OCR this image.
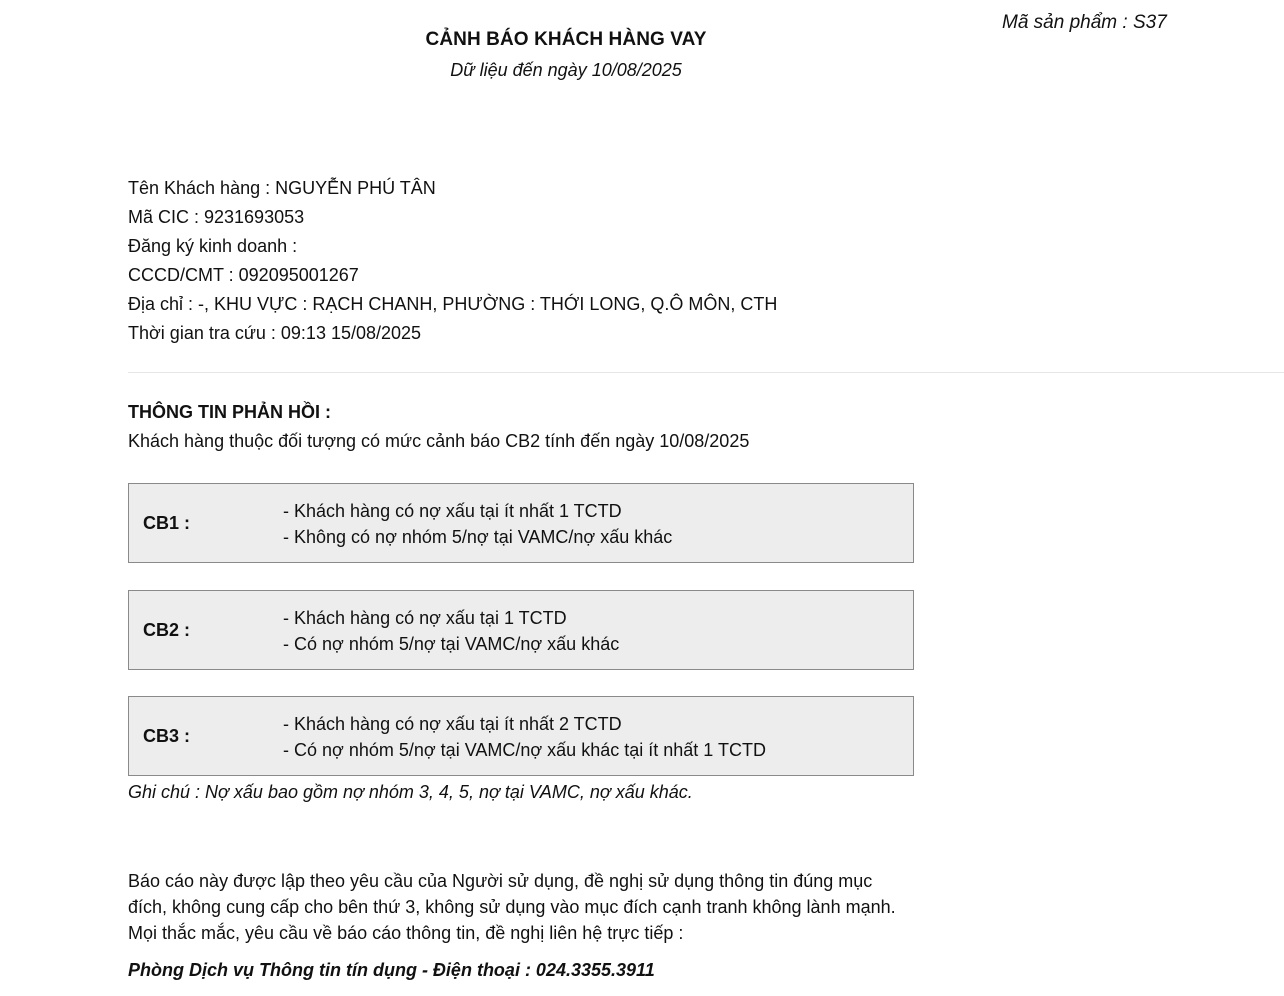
Mã sản phẩm : S37
CẢNH BÁO KHÁCH HÀNG VAY
Dữ liệu đến ngày 10/08/2025
Tên Khách hàng : NGUYỄN PHÚ TÂN
Mã CIC : 9231693053
Đăng ký kinh doanh :
CCCD/CMT : 092095001267
Địa chỉ : -, KHU VỰC : RẠCH CHANH, PHƯỜNG : THỚI LONG, Q.Ô MÔN, CTH
Thời gian tra cứu : 09:13 15/08/2025
THÔNG TIN PHẢN HỒI :
Khách hàng thuộc đối tượng có mức cảnh báo CB2 tính đến ngày 10/08/2025
CB1 :
- Khách hàng có nợ xấu tại ít nhất 1 TCTD
- Không có nợ nhóm 5/nợ tại VAMC/nợ xấu khác
CB2 :
- Khách hàng có nợ xấu tại 1 TCTD
- Có nợ nhóm 5/nợ tại VAMC/nợ xấu khác
CB3 :
- Khách hàng có nợ xấu tại ít nhất 2 TCTD
- Có nợ nhóm 5/nợ tại VAMC/nợ xấu khác tại ít nhất 1 TCTD
Ghi chú : Nợ xấu bao gồm nợ nhóm 3, 4, 5, nợ tại VAMC, nợ xấu khác.
Báo cáo này được lập theo yêu cầu của Người sử dụng, đề nghị sử dụng thông tin đúng mục
đích, không cung cấp cho bên thứ 3, không sử dụng vào mục đích cạnh tranh không lành mạnh.
Mọi thắc mắc, yêu cầu về báo cáo thông tin, đề nghị liên hệ trực tiếp :
Phòng Dịch vụ Thông tin tín dụng - Điện thoại : 024.3355.3911
